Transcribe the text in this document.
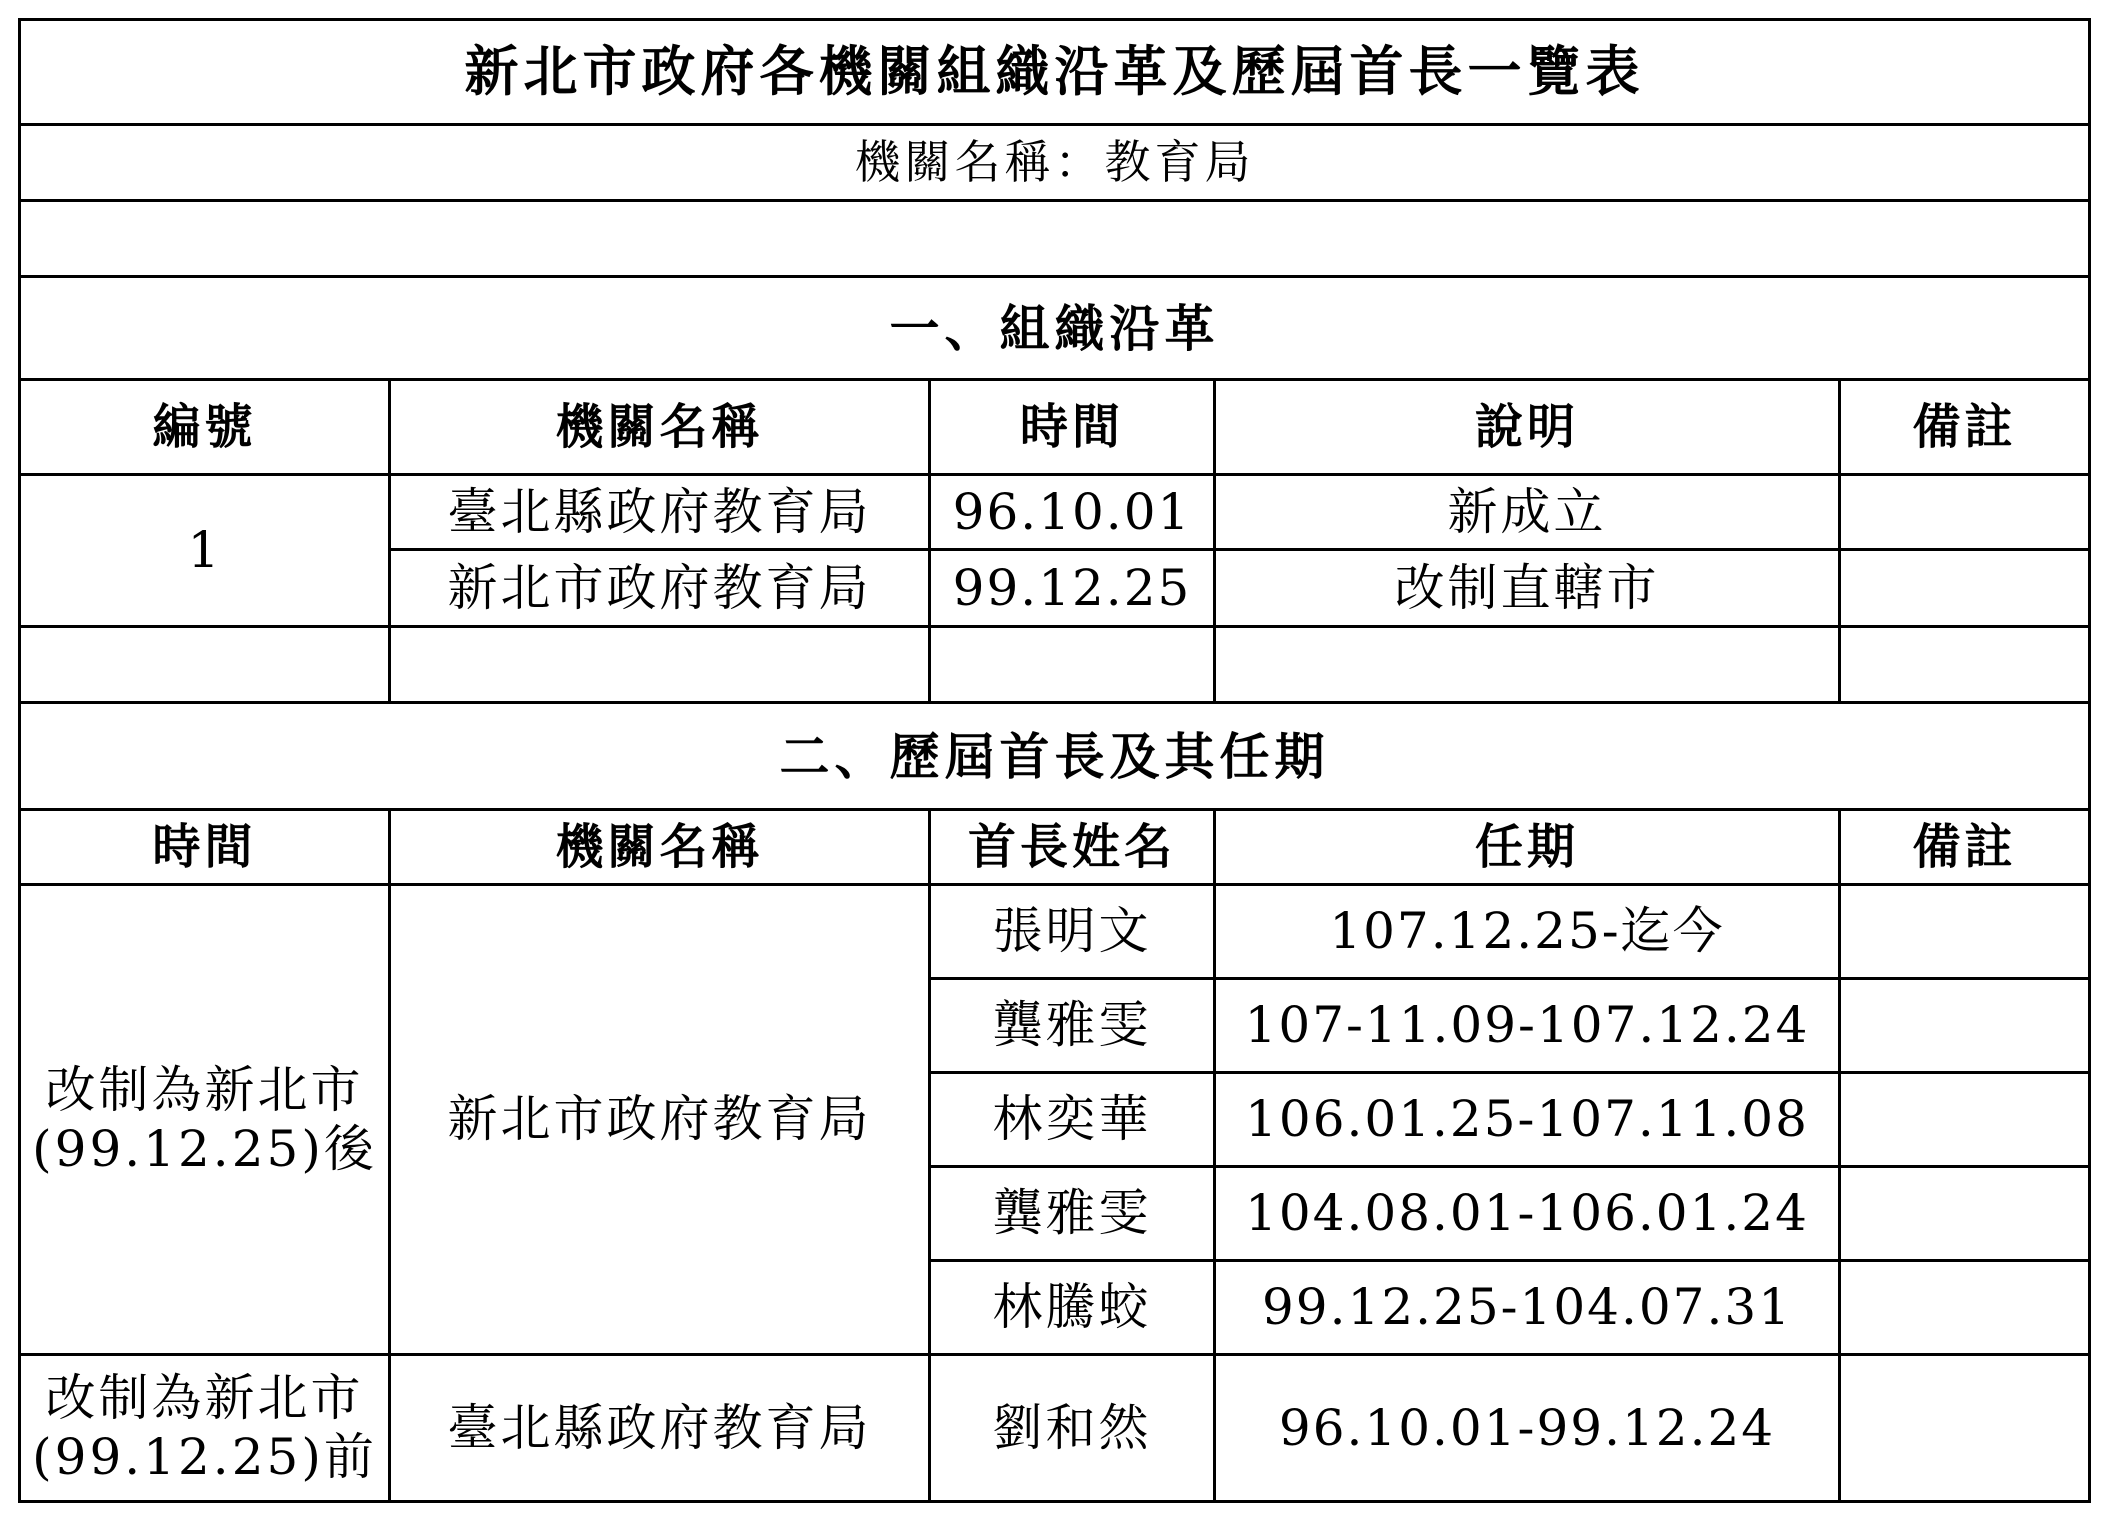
新北市政府各機關組織沿革及歷屆首長一覽表				
機關名稱：教育局				

一、組織沿革				
編號	機關名稱	時間	說明	備註
1	臺北縣政府教育局	96.10.01	新成立	
	新北市政府教育局	99.12.25	改制直轄市	

二、歷屆首長及其任期				
時間	機關名稱	首長姓名	任期	備註

改制為新北市
(99.12.25)後	新北市政府教育局	張明文	107.12.25-迄今	
		龔雅雯	107-11.09-107.12.24	
		林奕華	106.01.25-107.11.08	
		龔雅雯	104.08.01-106.01.24	
		林騰蛟	99.12.25-104.07.31	

改制為新北市
(99.12.25)前	臺北縣政府教育局	劉和然	96.10.01-99.12.24	
